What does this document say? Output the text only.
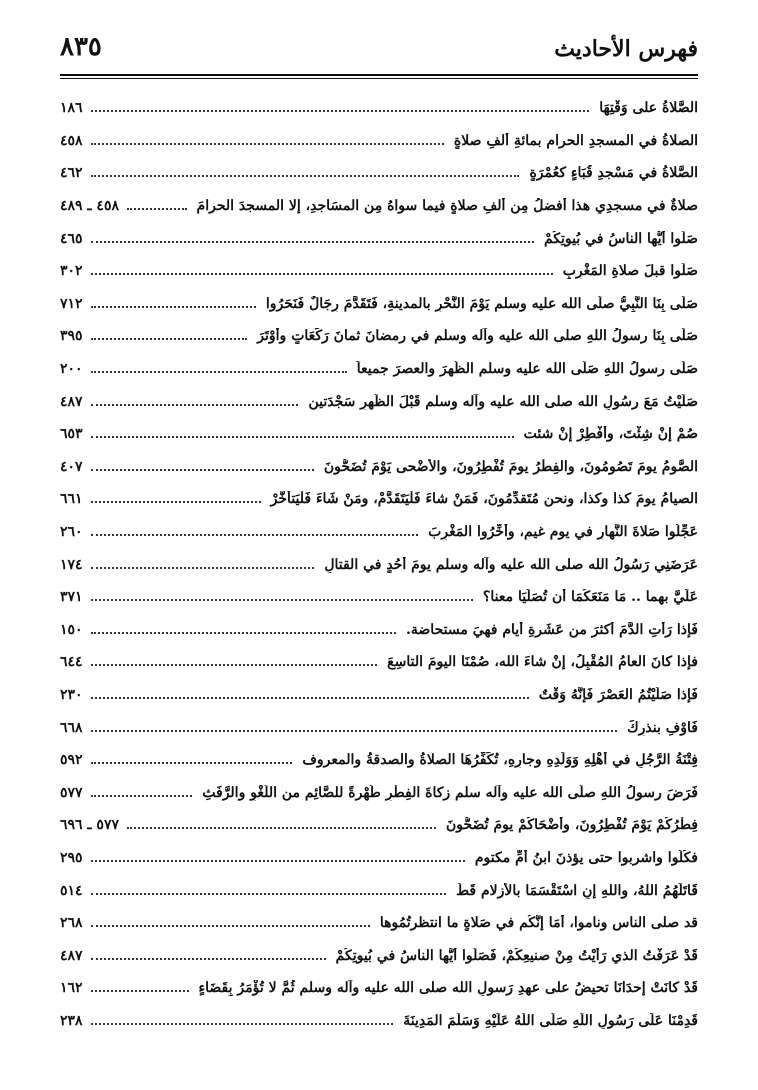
فهرس الأحاديث
٨٣٥
الصَّلاةُ على وَقْتِهَا
١٨٦
الصلاةُ في المسجدِ الحرامِ بمائةِ ألفِ صلاةٍ
٤٥٨
الصَّلاةُ في مَسْجدِ قُبَاءٍ كعُمْرَةٍ
٤٦٢
صلاةٌ في مسجدِي هذا أفضلُ مِن ألفِ صلاةٍ فيما سواهُ مِن المسَاجدِ، إلا المسجدَ الحرامَ
٤٥٨ ـ ٤٨٩
صَلُّوا أيُّها الناسُ في بُيوتِكُمْ
٤٦٥
صَلُّوا قبلَ صلاةِ المَغْرِبِ
٣٠٢
صَلَّى بِنَا النَّبِيُّ صلَّى الله عليه وسلم يَوْمَ النَّحْرِ بالمدينةِ، فَتَقَدَّمَ رِجَالٌ فَنَحَرُوا
٧١٢
صَلَّى بِنَا رسولُ اللهِ صلى الله عليه وآله وسلم في رمضانَ ثمانَ رَكَعَاتٍ وأَوْتَرَ
٣٩٥
صَلَّى رسولُ اللهِ صَلَّى الله عليه وسلم الظُّهرَ والعصرَ جميعاً
٢٠٠
صَلَّيْتُ مَعَ رسُولِ الله صلى الله عليه وآله وسلم قَبْلَ الظُّهرِ سَجْدَتين
٤٨٧
صُمْ إنْ شِئْتَ، وأَفْطِرْ إنْ شئت
٦٥٣
الصَّومُ يومَ تَصُومُونَ، والفِطْرُ يومَ تُفْطِرُونَ، والأَضْحى يَوْمَ تُضَحُّونَ
٤٠٧
الصيامُ يومَ كذا وكذا، ونحن مُتَقدِّمُونَ، فَمَنْ شاءَ فَلْيَتَقَدَّمْ، ومَنْ شَاءَ فَلْيَتأخَّرْ
٦٦١
عَجِّلُوا صَلاةَ النَّهارِ في يومِ غيمٍ، وأَخِّرُوا المَغْرِبَ
٢٦٠
عَرَضَنِي رَسُولُ الله صلى الله عليه وآله وسلم يومَ أُحُدٍ في القتالِ
١٧٤
عَلَيَّ بهما .. مَا مَنَعَكُمَا أن تُصَلِّيَا معنا؟
٣٧١
فَإذا رَأَتِ الدَّمَ أكثرَ من عَشَرةِ أيامٍ فهيَ مستحاضة.
١٥٠
فإذا كانَ العامُ المُقْبِلُ، إنْ شاءَ الله، صُمْنَا اليومَ التاسِعَ
٦٤٤
فَإذا صَلَّيْتُمُ العَصْرَ فَإِنَّهُ وَقْتٌ
٢٣٠
فَاوْفِ بنذرِكَ
٦٦٨
فِتْنَةُ الرَّجُلِ في أَهْلِهِ وَوَلَدِهِ وجارِهِ، تُكَفِّرُهَا الصلاةُ والصدقةُ والمعروف
٥٩٢
فَرَضَ رسولُ اللهِ صلَّى الله عليه وآله سلم زكاةَ الفِطْرِ طُهْرةً للصَّائِمِ من اللَّغْوِ والرَّفَثِ
٥٧٧
فِطْرُكُمْ يَوْمَ تُفْطِرُونَ، وأَضْحَاكُمْ يومَ تُضَحُّونَ
٥٧٧ ـ ٦٩٦
فكُلُوا واشربوا حتى يؤذنَ ابنُ أُمِّ مكتومٍ
٢٩٥
قَاتَلَهُمُ اللهُ، واللهِ إنِ اسْتَقْسَمَا بالأزلامِ قَطُّ
٥١٤
قد صلى الناس وناموا، أَمَا إنَّكُم في صَلاةٍ ما انتظرتُمُوها
٢٦٨
قَدْ عَرَفْتُ الذي رَأَيْتُ مِنْ صنيعِكُمْ، فَصَلُّوا أيُّها الناسُ في بُيوتِكُمْ
٤٨٧
قَدْ كانَتْ إِحدَانَا تحيضُ على عهدِ رَسولِ الله صلى الله عليه وآله وسلم ثُمَّ لا تُؤْمَرُ بِقَضَاءٍ
١٦٢
قَدِمْنَا عَلَى رَسُولِ اللَّهِ صَلَّى اللَّهُ عَلَيْهِ وَسَلَّمَ المَدِينَةَ
٢٣٨
